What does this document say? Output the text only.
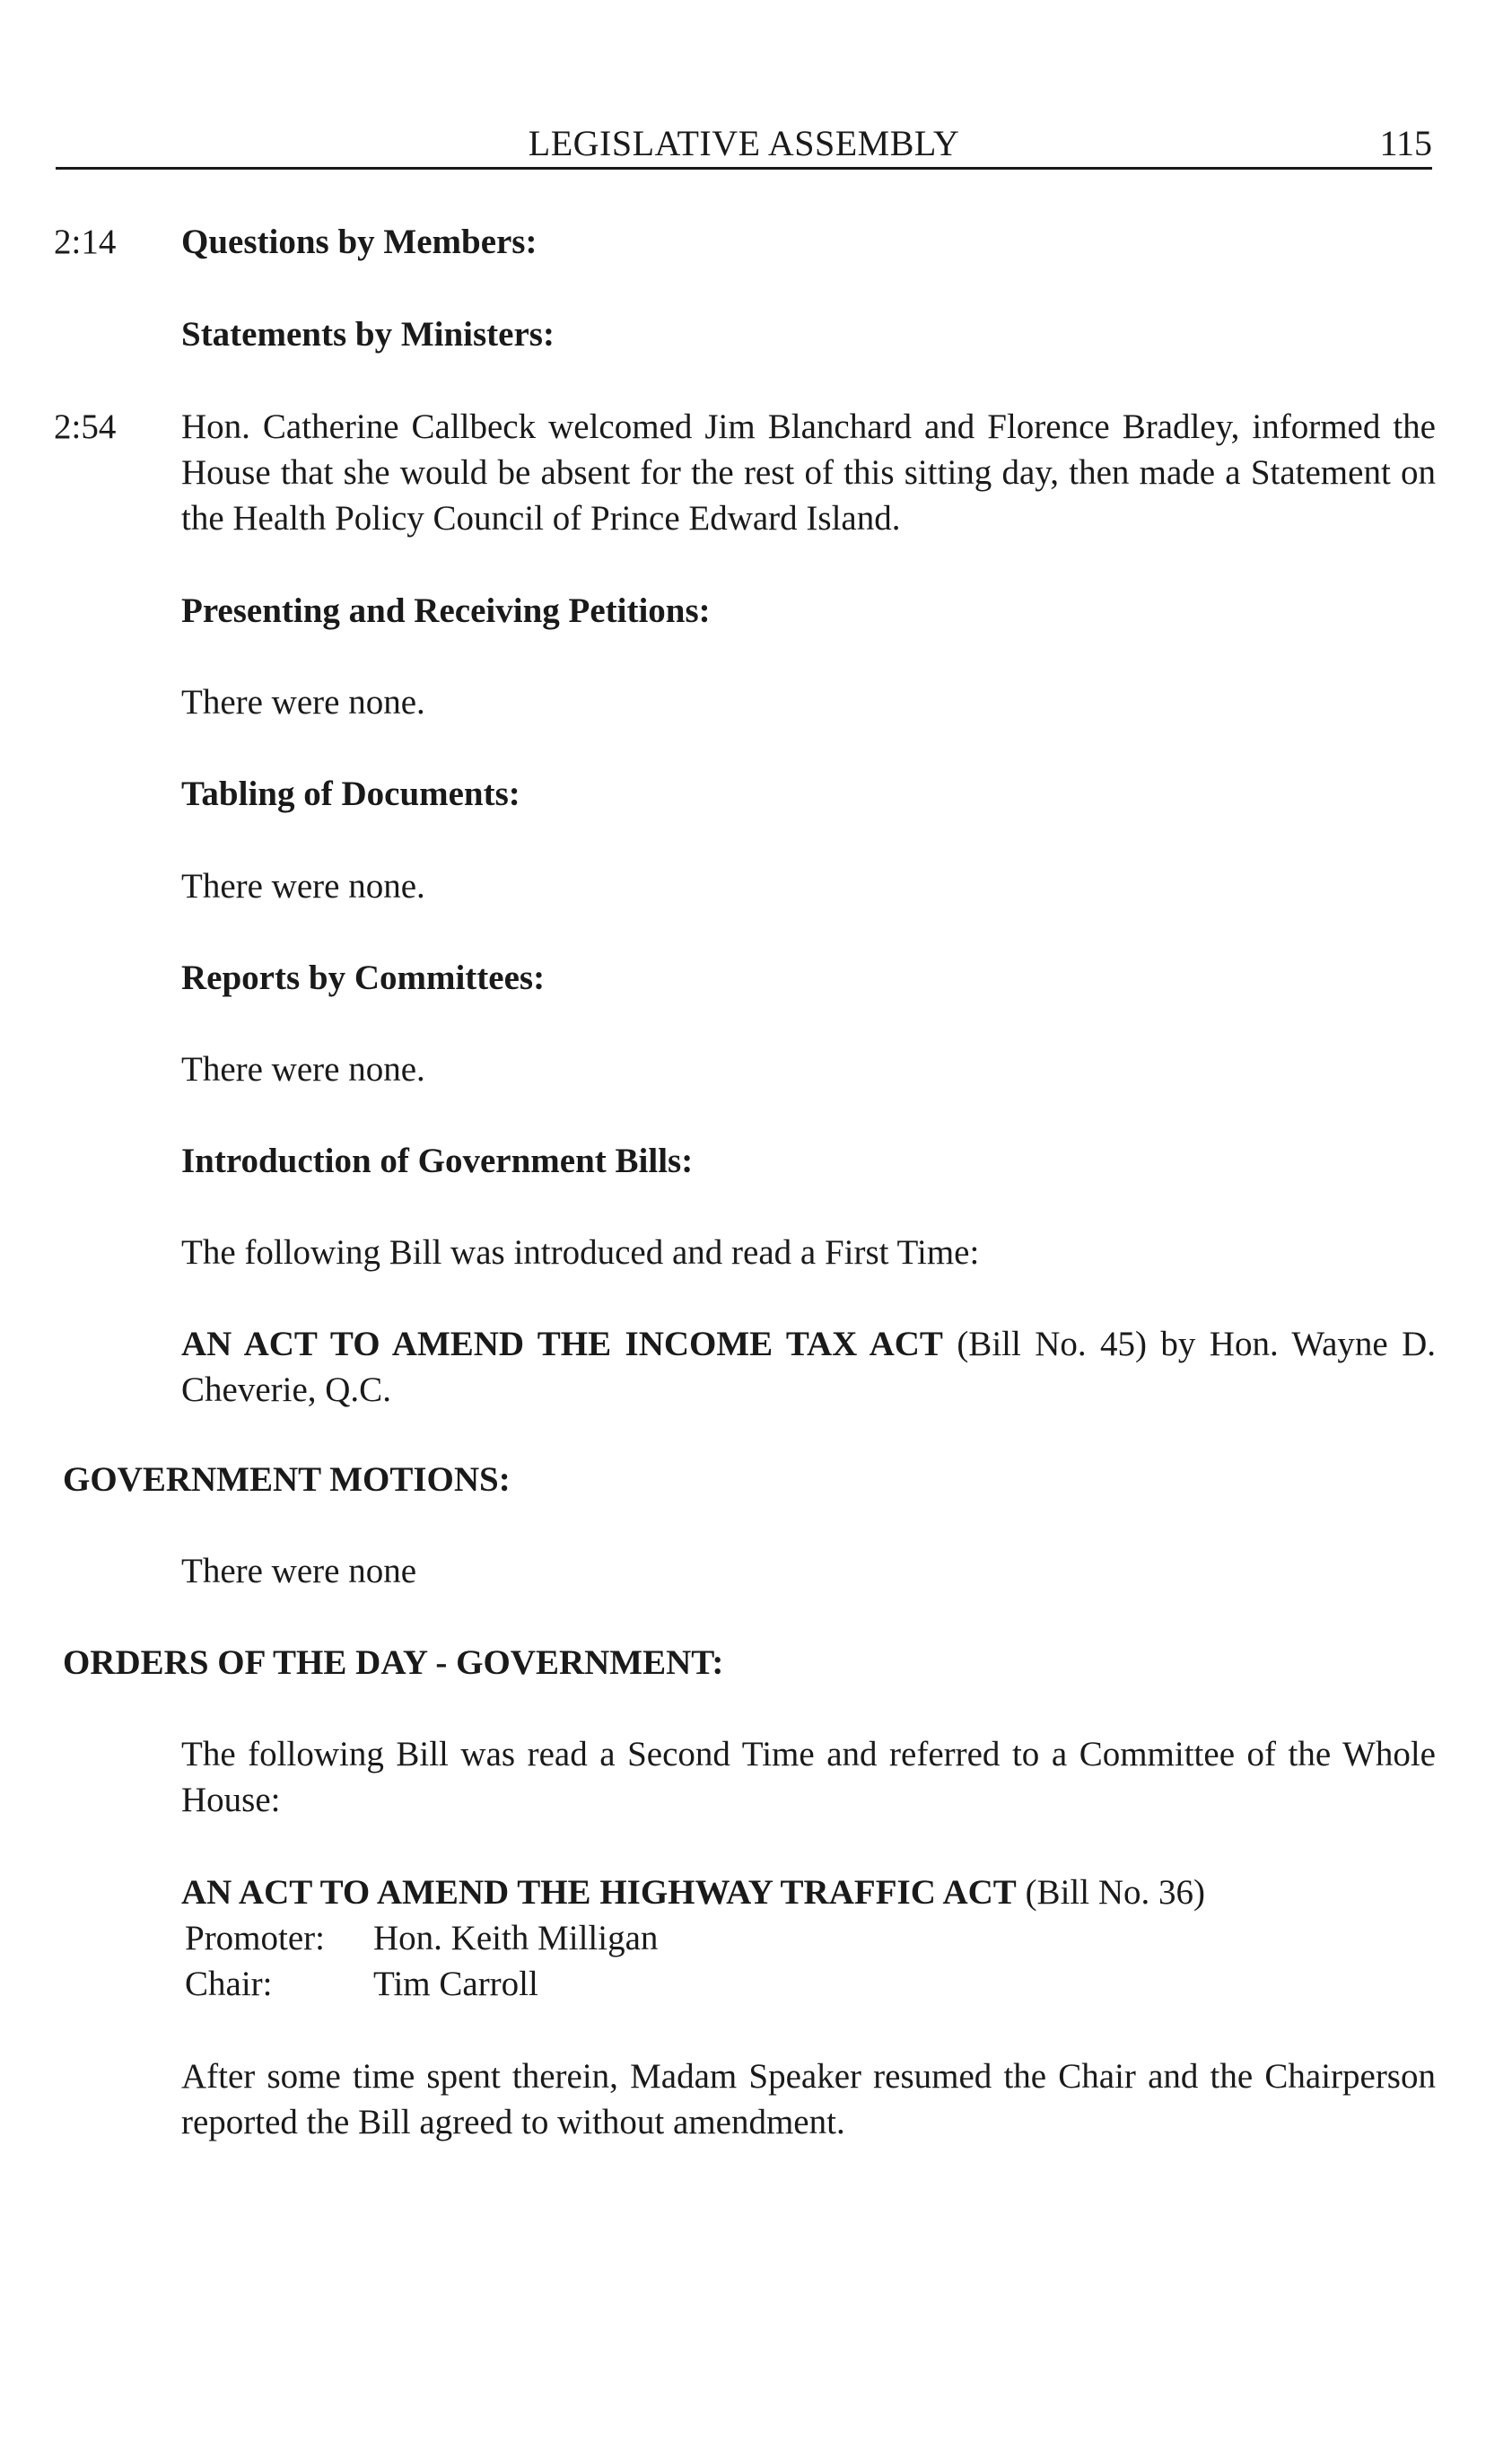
LEGISLATIVE ASSEMBLY	115
2:14 Questions by Members:
Statements by Ministers:
2:54 Hon. Catherine Callbeck welcomed Jim Blanchard and Florence Bradley, informed the House that she would be absent for the rest of this sitting day, then made a Statement on the Health Policy Council of Prince Edward Island.
Presenting and Receiving Petitions:
There were none.
Tabling of Documents:
There were none.
Reports by Committees:
There were none.
Introduction of Government Bills:
The following Bill was introduced and read a First Time:
AN ACT TO AMEND THE INCOME TAX ACT (Bill No. 45) by Hon. Wayne D. Cheverie, Q.C.
GOVERNMENT MOTIONS:
There were none
ORDERS OF THE DAY - GOVERNMENT:
The following Bill was read a Second Time and referred to a Committee of the Whole House:
AN ACT TO AMEND THE HIGHWAY TRAFFIC ACT (Bill No. 36)
Promoter: Hon. Keith Milligan
Chair:	Tim Carroll
After some time spent therein, Madam Speaker resumed the Chair and the Chairperson reported the Bill agreed to without amendment.
